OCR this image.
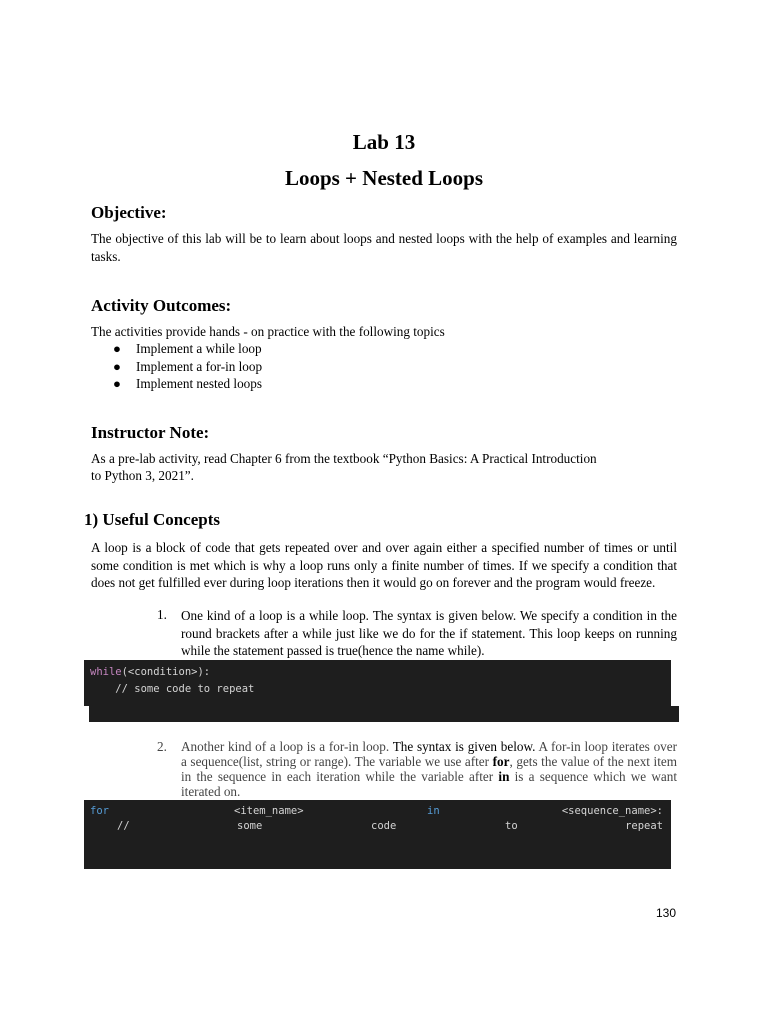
Lab 13
Loops + Nested Loops
Objective:
The objective of this lab will be to learn about loops and nested loops with the help of examples and learning tasks.
Activity Outcomes:
The activities provide hands - on practice with the following topics
● Implement a while loop
● Implement a for-in loop
● Implement nested loops
Instructor Note:
As a pre-lab activity, read Chapter 6 from the textbook “Python Basics: A Practical Introduction
to Python 3, 2021”.
1) Useful Concepts
A loop is a block of code that gets repeated over and over again either a specified number of times or until some condition is met which is why a loop runs only a finite number of times. If we specify a condition that does not get fulfilled ever during loop iterations then it would go on forever and the program would freeze.
1. One kind of a loop is a while loop. The syntax is given below. We specify a condition in the round brackets after a while just like we do for the if statement. This loop keeps on running while the statement passed is true(hence the name while).
while(<condition>):
// some code to repeat
2. Another kind of a loop is a for-in loop. The syntax is given below. A for-in loop iterates over a sequence(list, string or range). The variable we use after for, gets the value of the next item in the sequence in each iteration while the variable after in is a sequence which we want iterated on.
for	<item_name>	in	<sequence_name>:
//	some	code	to	repeat
130
